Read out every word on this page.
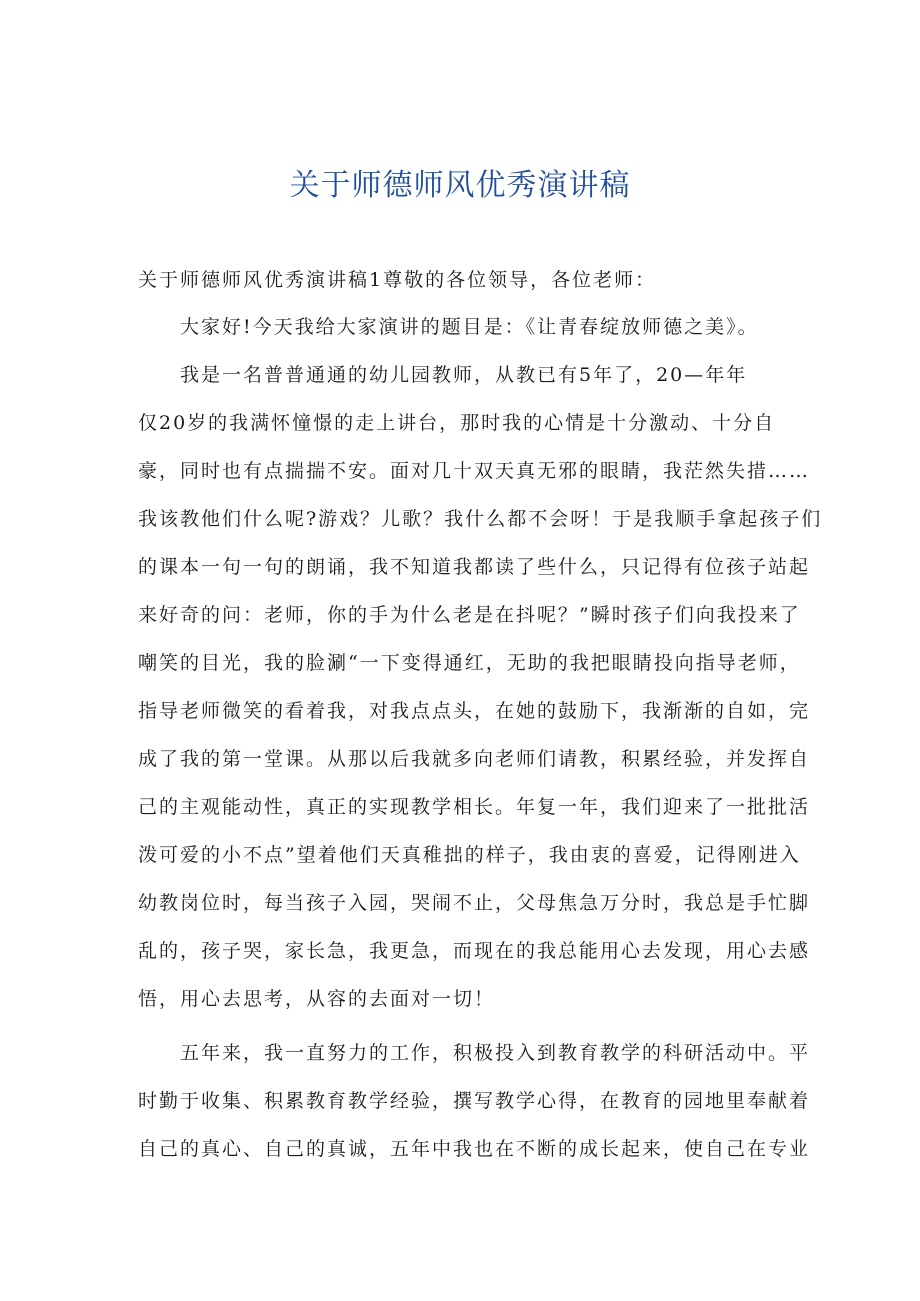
关于师德师风优秀演讲稿

关于师德师风优秀演讲稿1尊敬的各位领导，各位老师：

大家好!今天我给大家演讲的题目是：《让青春绽放师德之美》。

我是一名普普通通的幼儿园教师，从教已有5年了，20—年年

仅20岁的我满怀憧憬的走上讲台，那时我的心情是十分激动、十分自

豪，同时也有点揣揣不安。面对几十双天真无邪的眼睛，我茫然失措……

我该教他们什么呢?游戏？儿歌？我什么都不会呀！于是我顺手拿起孩子们

的课本一句一句的朗诵，我不知道我都读了些什么，只记得有位孩子站起

来好奇的问：老师，你的手为什么老是在抖呢？”瞬时孩子们向我投来了

嘲笑的目光，我的脸涮“一下变得通红，无助的我把眼睛投向指导老师，

指导老师微笑的看着我，对我点点头，在她的鼓励下，我渐渐的自如，完

成了我的第一堂课。从那以后我就多向老师们请教，积累经验，并发挥自

己的主观能动性，真正的实现教学相长。年复一年，我们迎来了一批批活

泼可爱的小不点”望着他们天真稚拙的样子，我由衷的喜爱，记得刚进入

幼教岗位时，每当孩子入园，哭闹不止，父母焦急万分时，我总是手忙脚

乱的，孩子哭，家长急，我更急，而现在的我总能用心去发现，用心去感

悟，用心去思考，从容的去面对一切！

五年来，我一直努力的工作，积极投入到教育教学的科研活动中。平

时勤于收集、积累教育教学经验，撰写教学心得，在教育的园地里奉献着

自己的真心、自己的真诚，五年中我也在不断的成长起来，使自己在专业
